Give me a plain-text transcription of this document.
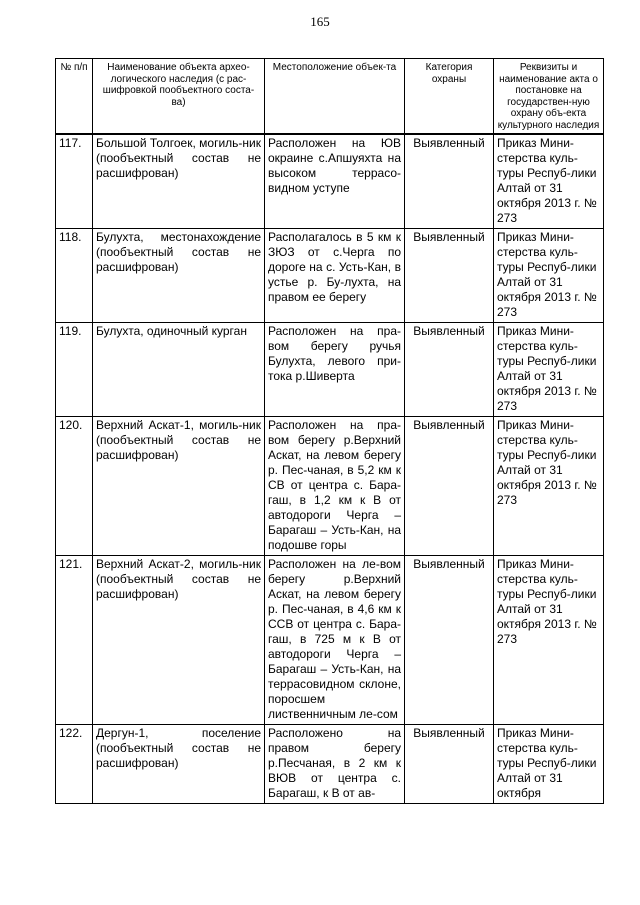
165
№ п/п	Наименование объекта архео-логического наследия (с рас-шифровкой пообъектного соста-ва)	Местоположение объек-та	Категория охраны	Реквизиты и наименование акта о постановке на государствен-ную охрану объ-екта культурного наследия
117.	Большой Толгоек, могиль-ник (пообъектный состав не расшифрован)	Расположен на ЮВ окраине с.Апшуяхта на высоком террасо-видном уступе	Выявленный	Приказ Мини-стерства куль-туры Респуб-лики Алтай от 31 октября 2013 г. № 273
118.	Булухта, местонахождение (пообъектный состав не расшифрован)	Располагалось в 5 км к ЗЮЗ от с.Черга по дороге на с. Усть-Кан, в устье р. Бу-лухта, на правом ее берегу	Выявленный	Приказ Мини-стерства куль-туры Респуб-лики Алтай от 31 октября 2013 г. № 273
119.	Булухта, одиночный курган	Расположен на пра-вом берегу ручья Булухта, левого при-тока р.Шиверта	Выявленный	Приказ Мини-стерства куль-туры Респуб-лики Алтай от 31 октября 2013 г. № 273
120.	Верхний Аскат-1, могиль-ник (пообъектный состав не расшифрован)	Расположен на пра-вом берегу р.Верхний Аскат, на левом берегу р. Пес-чаная, в 5,2 км к СВ от центра с. Бара-гаш, в 1,2 км к В от автодороги Черга – Барагаш – Усть-Кан, на подошве горы	Выявленный	Приказ Мини-стерства куль-туры Респуб-лики Алтай от 31 октября 2013 г. № 273
121.	Верхний Аскат-2, могиль-ник (пообъектный состав не расшифрован)	Расположен на ле-вом берегу р.Верхний Аскат, на левом берегу р. Пес-чаная, в 4,6 км к ССВ от центра с. Бара-гаш, в 725 м к В от автодороги Черга – Барагаш – Усть-Кан, на террасовидном склоне, поросшем лиственничным ле-сом	Выявленный	Приказ Мини-стерства куль-туры Респуб-лики Алтай от 31 октября 2013 г. № 273
122.	Дергун-1, поселение (пообъектный состав не расшифрован)	Расположено на правом берегу р.Песчаная, в 2 км к ВЮВ от центра с. Барагаш, к В от ав-	Выявленный	Приказ Мини-стерства куль-туры Респуб-лики Алтай от 31 октября
